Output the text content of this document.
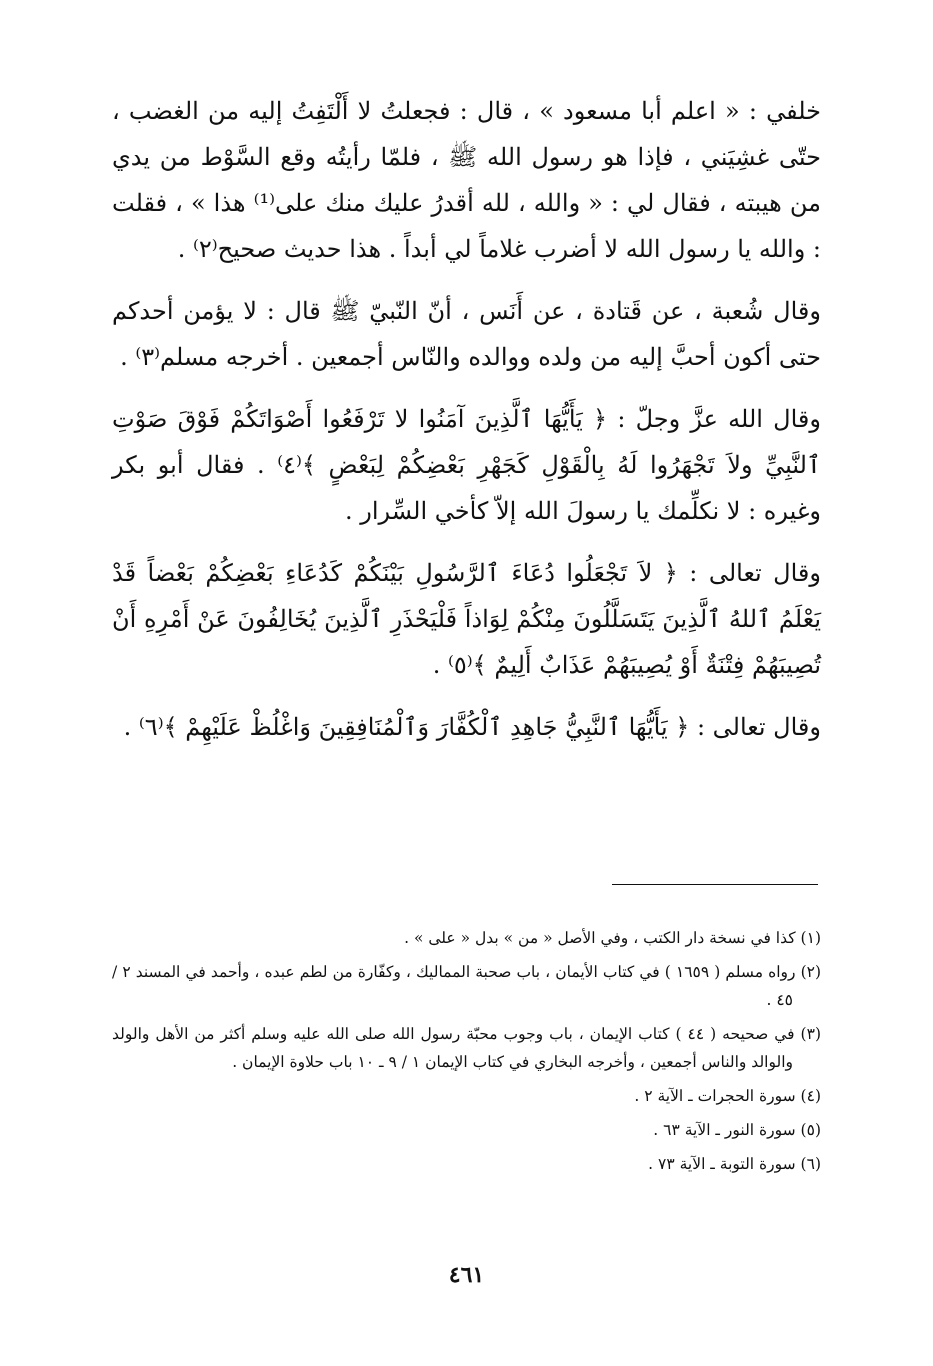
خلفي : « اعلم أبا مسعود » ، قال : فجعلتُ لا أَلْتَفِتُ إليه من الغضب ، حتّى غشِيَني ، فإذا هو رسول الله ﷺ ، فلمّا رأيتُه وقع السَّوْط من يدي من هيبته ، فقال لي : « والله ، لله أقدرُ عليك منك على⁽¹⁾ هذا » ، فقلت : والله يا رسول الله لا أضرب غلاماً لي أبداً . هذا حديث صحيح⁽٢⁾ .

وقال شُعبة ، عن قَتادة ، عن أَنَس ، أنّ النّبيّ ﷺ قال : لا يؤمن أحدكم حتى أكون أحبَّ إليه من ولده ووالده والنّاس أجمعين . أخرجه مسلم⁽٣⁾ .

وقال الله عزَّ وجلّ : ﴿ يَأَيُّهَا ٱلَّذِينَ آمَنُوا لا تَرْفَعُوا أَصْوَاتَكُمْ فَوْقَ صَوْتِ ٱلنَّبِيِّ ولاَ تَجْهَرُوا لَهُ بِالْقَوْلِ كَجَهْرِ بَعْضِكُمْ لِبَعْضٍ ﴾⁽٤⁾ . فقال أبو بكر وغيره : لا نكلِّمك يا رسولَ الله إلاّ كأخي السِّرار .

وقال تعالى : ﴿ لاَ تَجْعَلُوا دُعَاءَ ٱلرَّسُولِ بَيْنَكُمْ كَدُعَاءِ بَعْضِكُمْ بَعْضاً قَدْ يَعْلَمُ ٱللهُ ٱلَّذِينَ يَتَسَلَّلُونَ مِنْكُمْ لِوَاذاً فَلْيَحْذَرِ ٱلَّذِينَ يُخَالِفُونَ عَنْ أَمْرِهِ أَنْ تُصِيبَهُمْ فِتْنَةٌ أَوْ يُصِيبَهُمْ عَذَابٌ أَلِيمٌ ﴾⁽٥⁾ .

وقال تعالى : ﴿ يَأَيُّهَا ٱلنَّبِيُّ جَاهِدِ ٱلْكُفَّارَ وَٱلْمُنَافِقِينَ وَاغْلُظْ عَلَيْهِمْ ﴾⁽٦⁾ .

(١) كذا في نسخة دار الكتب ، وفي الأصل « من » بدل « على » .

(٢) رواه مسلم ( ١٦٥٩ ) في كتاب الأيمان ، باب صحبة المماليك ، وكفّارة من لطم عبده ، وأحمد في المسند ٢ / ٤٥ .

(٣) في صحيحه ( ٤٤ ) كتاب الإيمان ، باب وجوب محبّة رسول الله صلى الله عليه وسلم أكثر من الأهل والولد والوالد والناس أجمعين ، وأخرجه البخاري في كتاب الإيمان ١ / ٩ ـ ١٠ باب حلاوة الإيمان .

(٤) سورة الحجرات ـ الآية ٢ .

(٥) سورة النور ـ الآية ٦٣ .

(٦) سورة التوبة ـ الآية ٧٣ .

٤٦١
